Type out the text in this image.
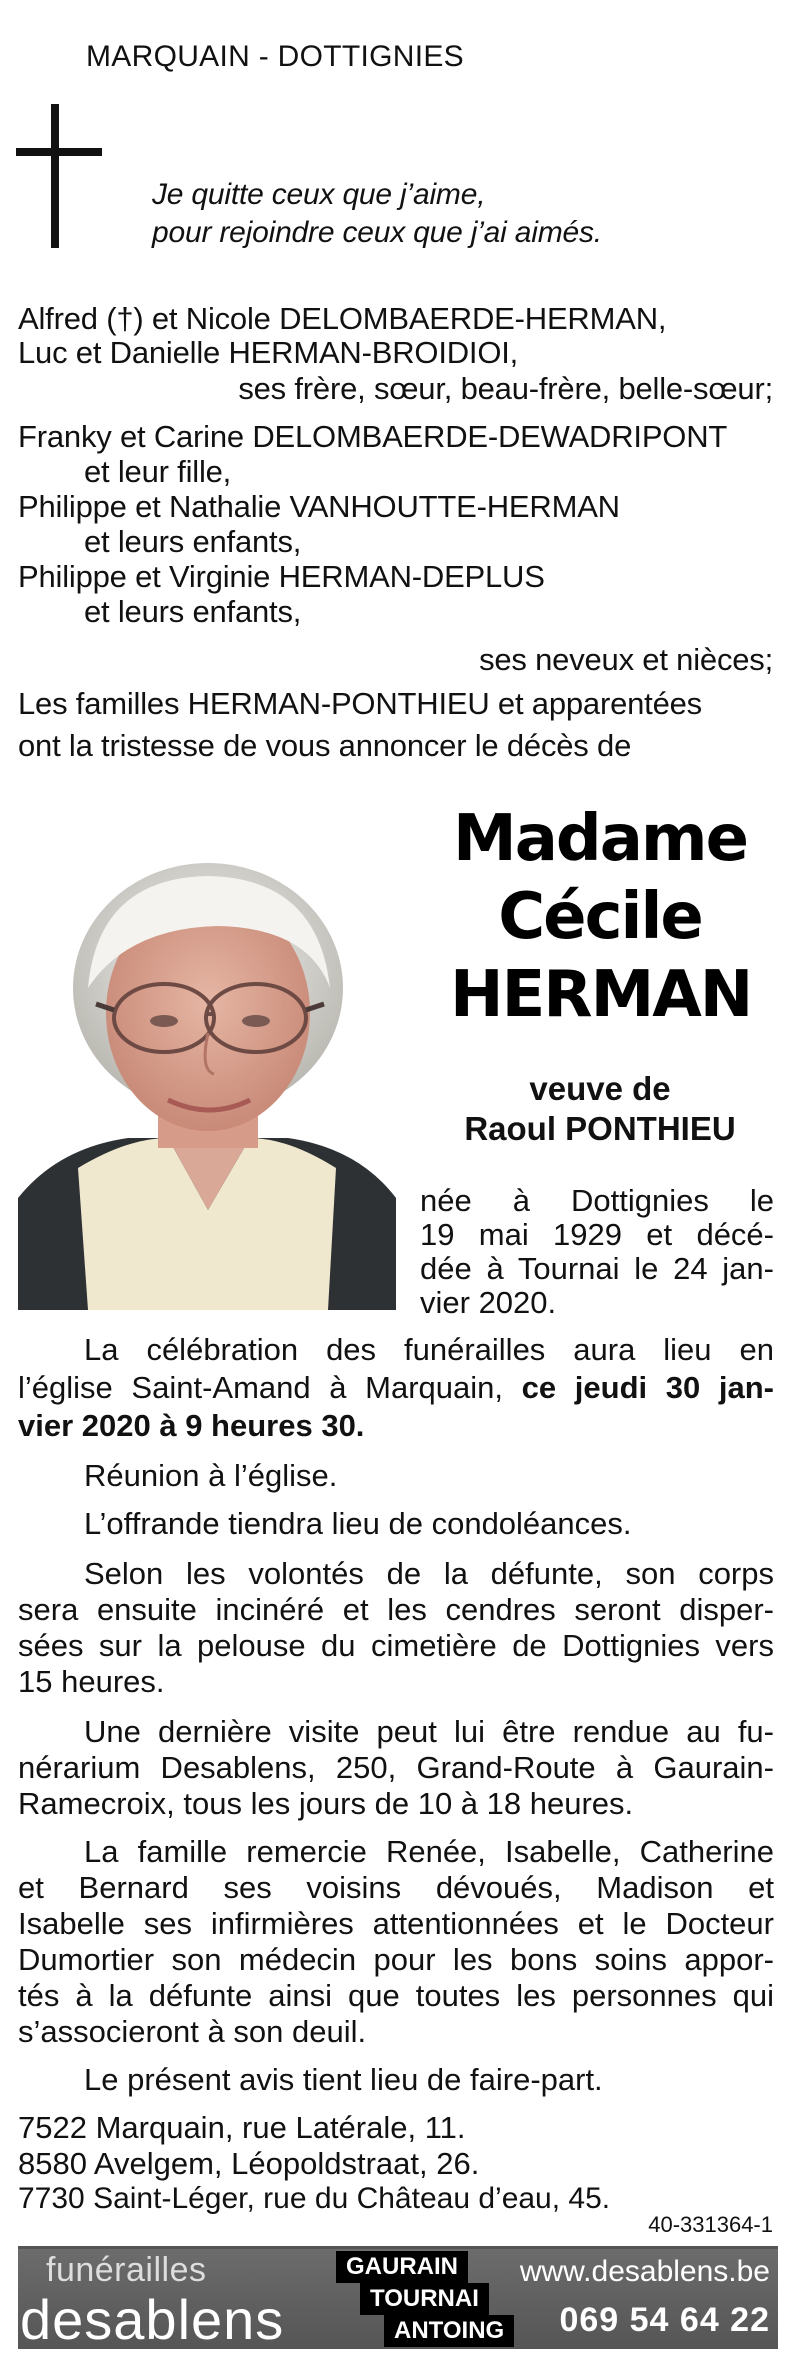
MARQUAIN - DOTTIGNIES
Je quitte ceux que j’aime,
pour rejoindre ceux que j’ai aimés.
Alfred (†) et Nicole DELOMBAERDE-HERMAN,
Luc et Danielle HERMAN-BROIDIOI,
ses frère, sœur, beau-frère, belle-sœur;
Franky et Carine DELOMBAERDE-DEWADRIPONT
et leur fille,
Philippe et Nathalie VANHOUTTE-HERMAN
et leurs enfants,
Philippe et Virginie HERMAN-DEPLUS
et leurs enfants,
ses neveux et nièces;
Les familles HERMAN-PONTHIEU et apparentées
ont la tristesse de vous annoncer le décès de
Madame
Cécile
HERMAN
veuve de
Raoul PONTHIEU
née à Dottignies le
19 mai 1929 et décé-
dée à Tournai le 24 jan-
vier 2020.
La célébration des funérailles aura lieu en
l’église Saint-Amand à Marquain, ce jeudi 30 jan-
vier 2020 à 9 heures 30.
Réunion à l’église.
L’offrande tiendra lieu de condoléances.
Selon les volontés de la défunte, son corps
sera ensuite incinéré et les cendres seront disper-
sées sur la pelouse du cimetière de Dottignies vers
15 heures.
Une dernière visite peut lui être rendue au fu-
nérarium Desablens, 250, Grand-Route à Gaurain-
Ramecroix, tous les jours de 10 à 18 heures.
La famille remercie Renée, Isabelle, Catherine
et Bernard ses voisins dévoués, Madison et
Isabelle ses infirmières attentionnées et le Docteur
Dumortier son médecin pour les bons soins appor-
tés à la défunte ainsi que toutes les personnes qui
s’associeront à son deuil.
Le présent avis tient lieu de faire-part.
7522 Marquain, rue Latérale, 11.
8580 Avelgem, Léopoldstraat, 26.
7730 Saint-Léger, rue du Château d’eau, 45.
40-331364-1
funérailles
desablens
GAURAIN
TOURNAI
ANTOING
www.desablens.be
069 54 64 22
